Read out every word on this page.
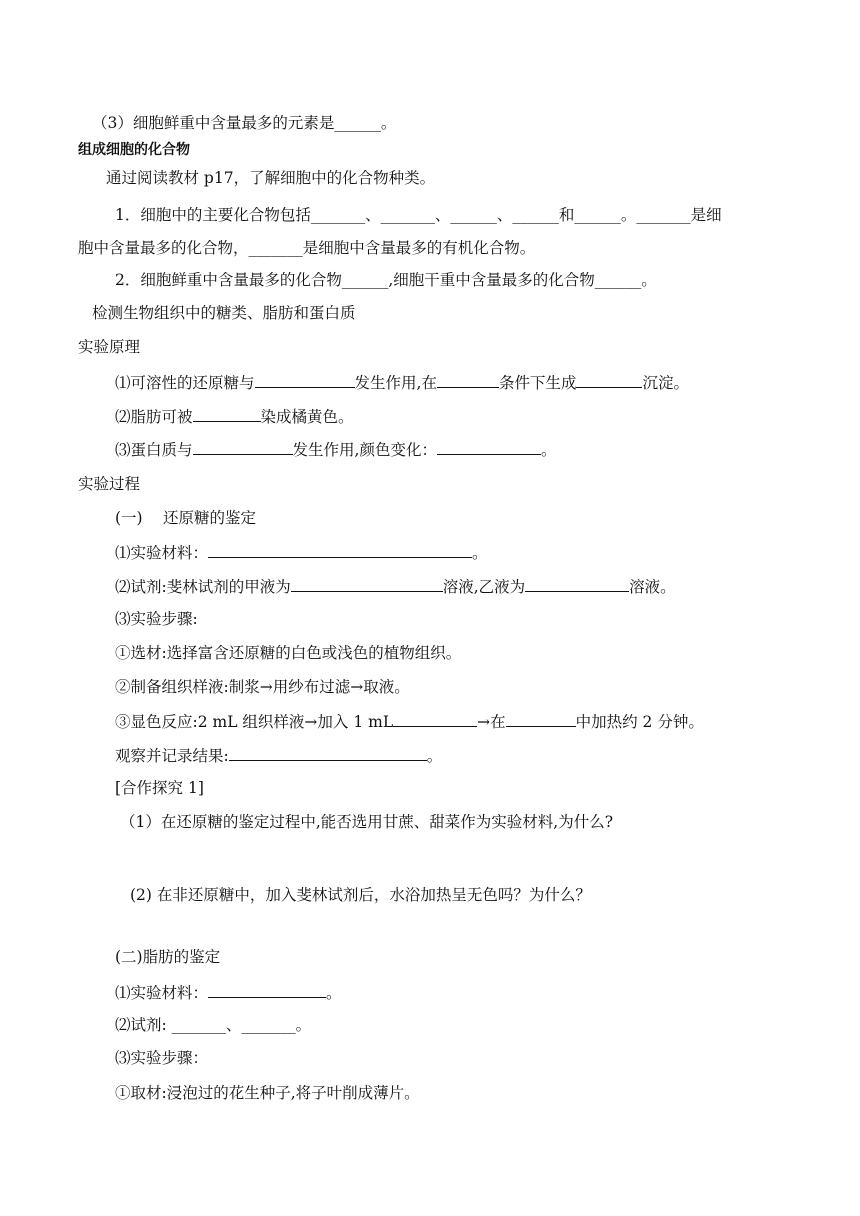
（3）细胞鲜重中含量最多的元素是______。
组成细胞的化合物
通过阅读教材 p17，了解细胞中的化合物种类。
1．细胞中的主要化合物包括_______、_______、______、______和______。_______是细
胞中含量最多的化合物，_______是细胞中含量最多的有机化合物。
2．细胞鲜重中含量最多的化合物______,细胞干重中含量最多的化合物______。
检测生物组织中的糖类、脂肪和蛋白质
实验原理
⑴可溶性的还原糖与	发生作用,在	条件下生成	沉淀。
⑵脂肪可被	染成橘黄色。
⑶蛋白质与	发生作用,颜色变化：	。
实验过程
(一)　 还原糖的鉴定
⑴实验材料：	。
⑵试剂:斐林试剂的甲液为	溶液,乙液为	溶液。
⑶实验步骤:
①选材:选择富含还原糖的白色或浅色的植物组织。
②制备组织样液:制浆→用纱布过滤→取液。
③显色反应:2 mL 组织样液→加入 1 mL	→在	中加热约 2 分钟。
观察并记录结果:	。
[合作探究 1]
（1）在还原糖的鉴定过程中,能否选用甘蔗、甜菜作为实验材料,为什么?
(2) 在非还原糖中，加入斐林试剂后，水浴加热呈无色吗？为什么？
(二)脂肪的鉴定
⑴实验材料：	。
⑵试剂: _______、_______。
⑶实验步骤：
①取材:浸泡过的花生种子,将子叶削成薄片。
